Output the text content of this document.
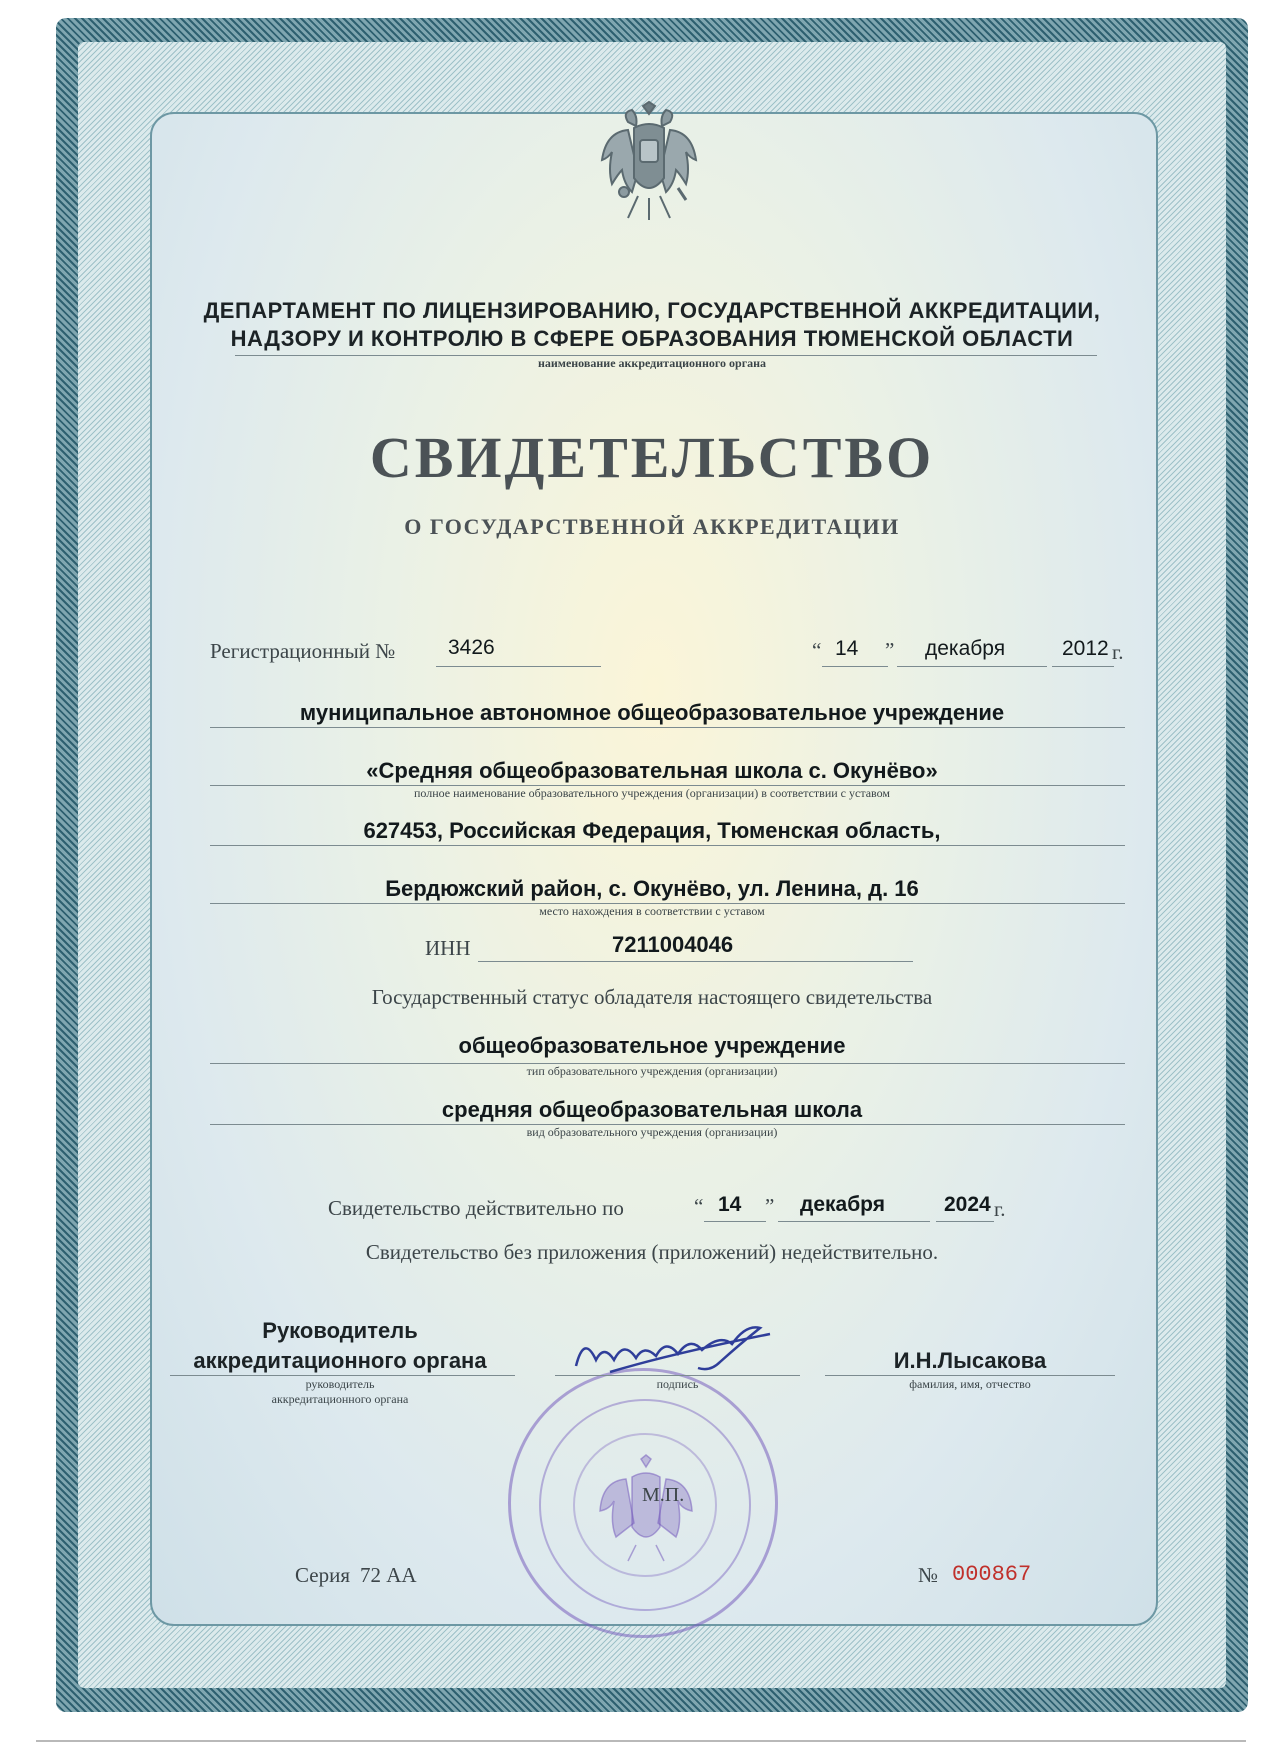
ДЕПАРТАМЕНТ ПО ЛИЦЕНЗИРОВАНИЮ, ГОСУДАРСТВЕННОЙ АККРЕДИТАЦИИ,
НАДЗОРУ И КОНТРОЛЮ В СФЕРЕ ОБРАЗОВАНИЯ ТЮМЕНСКОЙ ОБЛАСТИ
наименование аккредитационного органа
СВИДЕТЕЛЬСТВО
О ГОСУДАРСТВЕННОЙ АККРЕДИТАЦИИ
Регистрационный №	3426	“ 14 ” декабря	2012 г.
муниципальное автономное общеобразовательное учреждение
«Средняя общеобразовательная школа с. Окунёво»
полное наименование образовательного учреждения (организации) в соответствии с уставом
627453, Российская Федерация, Тюменская область,
Бердюжский район, с. Окунёво, ул. Ленина, д. 16
место нахождения в соответствии с уставом
ИНН	7211004046
Государственный статус обладателя настоящего свидетельства
общеобразовательное учреждение
тип образовательного учреждения (организации)
средняя общеобразовательная школа
вид образовательного учреждения (организации)
Свидетельство действительно по	“ 14 ” декабря	2024 г.
Свидетельство без приложения (приложений) недействительно.
Руководитель
аккредитационного органа
руководитель
аккредитационного органа
подпись
И.Н.Лысакова
фамилия, имя, отчество
М.П.
Серия 72 АА	№ 000867
